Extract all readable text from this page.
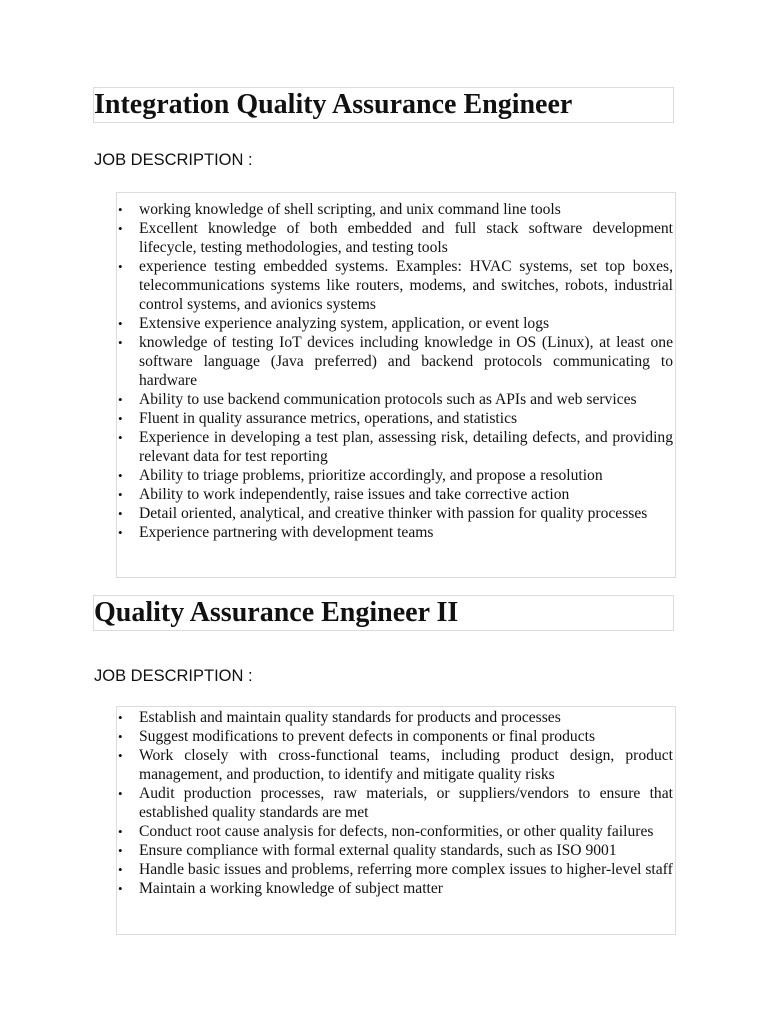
Integration Quality Assurance Engineer
JOB DESCRIPTION :
• working knowledge of shell scripting, and unix command line tools
• Excellent knowledge of both embedded and full stack software development lifecycle, testing methodologies, and testing tools
• experience testing embedded systems. Examples: HVAC systems, set top boxes, telecommunications systems like routers, modems, and switches, robots, industrial control systems, and avionics systems
• Extensive experience analyzing system, application, or event logs
• knowledge of testing IoT devices including knowledge in OS (Linux), at least one software language (Java preferred) and backend protocols communicating to hardware
• Ability to use backend communication protocols such as APIs and web services
• Fluent in quality assurance metrics, operations, and statistics
• Experience in developing a test plan, assessing risk, detailing defects, and providing relevant data for test reporting
• Ability to triage problems, prioritize accordingly, and propose a resolution
• Ability to work independently, raise issues and take corrective action
• Detail oriented, analytical, and creative thinker with passion for quality processes
• Experience partnering with development teams
Quality Assurance Engineer II
JOB DESCRIPTION :
• Establish and maintain quality standards for products and processes
• Suggest modifications to prevent defects in components or final products
• Work closely with cross-functional teams, including product design, product management, and production, to identify and mitigate quality risks
• Audit production processes, raw materials, or suppliers/vendors to ensure that established quality standards are met
• Conduct root cause analysis for defects, non-conformities, or other quality failures
• Ensure compliance with formal external quality standards, such as ISO 9001
• Handle basic issues and problems, referring more complex issues to higher-level staff
• Maintain a working knowledge of subject matter
